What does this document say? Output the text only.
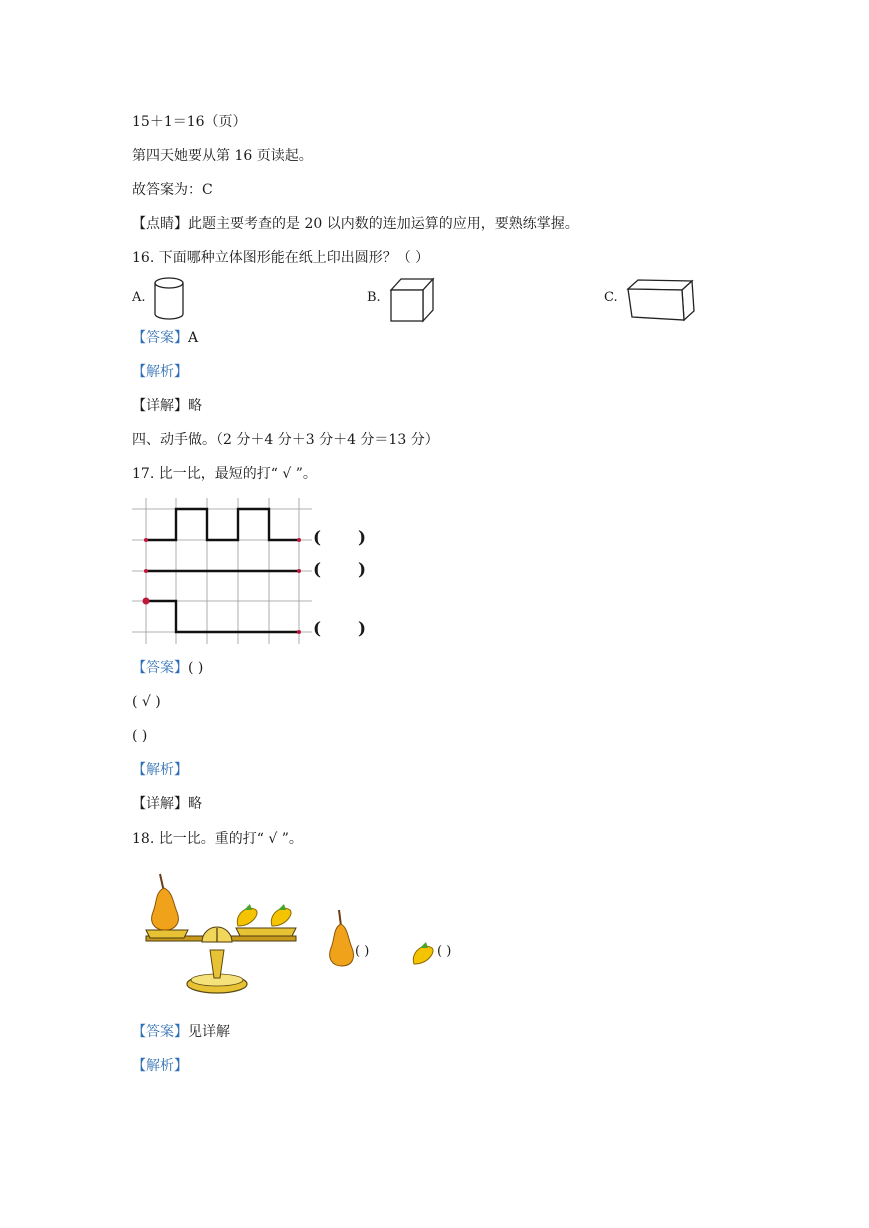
15＋1＝16（页）
第四天她要从第 16 页读起。
故答案为：C
【点睛】此题主要考查的是 20 以内数的连加运算的应用，要熟练掌握。
16. 下面哪种立体图形能在纸上印出圆形？（ ）
A.	B.	C.
【答案】A
【解析】
【详解】略
四、动手做。（2 分＋4 分＋3 分＋4 分＝13 分）
17. 比一比，最短的打“ √ ”。
( )
( )
( )
【答案】( )
( √ )
( )
【解析】
【详解】略
18. 比一比。重的打“ √ ”。
( )	( )
【答案】见详解
【解析】
